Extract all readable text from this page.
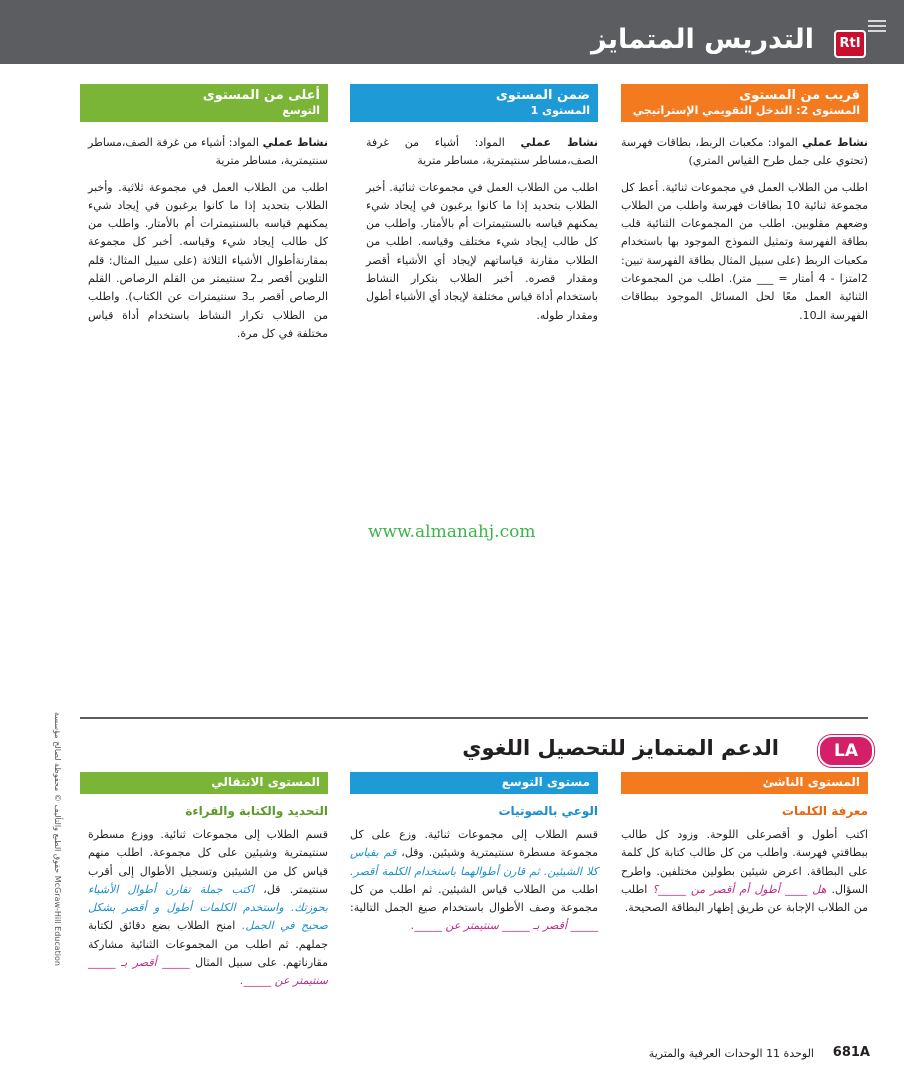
التدريس المتمايز	RtI
قريب من المستوى
المستوى 2: التدخل التقويمي الإستراتيجي

نشاط عملي المواد: مكعبات الربط، بطاقات فهرسة (تحتوي على جمل طرح القياس المتري)

اطلب من الطلاب العمل في مجموعات ثنائية. أعط كل مجموعة ثنائية 10 بطاقات فهرسة واطلب من الطلاب وضعهم مقلوبين. اطلب من المجموعات الثنائية قلب بطاقة الفهرسة وتمثيل النموذج الموجود بها باستخدام مكعبات الربط (على سبيل المثال بطاقة الفهرسة تبين: 2امتزا - 4 أمتار = ___ متر). اطلب من المجموعات الثنائية العمل معًا لحل المسائل الموجود ببطاقات الفهرسة الـ10.

ضمن المستوى
المستوى 1

نشاط عملي المواد: أشياء من غرفة الصف،مساطر سنتيمترية، مساطر مترية

اطلب من الطلاب العمل في مجموعات ثنائية. أخبر الطلاب بتحديد إذا ما كانوا يرغبون في إيجاد شيء يمكنهم قياسه بالسنتيمترات أم بالأمتار. واطلب من كل طالب إيجاد شيء مختلف وقياسه. اطلب من الطلاب مقارنة قياساتهم لإيجاد أي الأشياء أقصر ومقدار قصره. أخبر الطلاب بتكرار النشاط باستخدام أداة قياس مختلفة لإيجاد أي الأشياء أطول ومقدار طوله.

أعلى من المستوى
التوسع

نشاط عملي المواد: أشياء من غرفة الصف،مساطر سنتيمترية، مساطر مترية

اطلب من الطلاب العمل في مجموعة ثلاثية. وأخبر الطلاب بتحديد إذا ما كانوا يرغبون في إيجاد شيء يمكنهم قياسه بالسنتيمترات أم بالأمتار. واطلب من كل طالب إيجاد شيء وقياسه. أخبر كل مجموعة بمقارنةأطوال الأشياء الثلاثة (على سبيل المثال: قلم التلوين أقصر بـ2 سنتيمتر من القلم الرصاص. القلم الرصاص أقصر بـ3 سنتيمترات عن الكتاب). واطلب من الطلاب تكرار النشاط باستخدام أداة قياس مختلفة في كل مرة.

www.almanahj.com
حقوق الطبع والتأليف © محفوظة لصالح مؤسسة McGraw-Hill Education
الدعم المتمايز للتحصيل اللغوي	LA
المستوى الناشئ
معرفة الكلمات
اكتب أطول و أقصرعلى اللوحة. وزود كل طالب ببطاقتي فهرسة. واطلب من كل طالب كتابة كل كلمة على البطاقة. اعرض شيئين بطولين مختلفين. واطرح السؤال. هل ____ أطول أم أقصر من _____؟ اطلب من الطلاب الإجابة عن طريق إظهار البطاقة الصحيحة.
مستوى التوسع
الوعي بالصوتيات
قسم الطلاب إلى مجموعات ثنائية. وزع على كل مجموعة مسطرة سنتيمترية وشيئين. وقل، قم بقياس كلا الشيئين. ثم قارن أطوالهما باستخدام الكلمة أقصر. اطلب من الطلاب قياس الشيئين. ثم اطلب من كل مجموعة وصف الأطوال باستخدام صيغ الجمل التالية: _____ أقصر بـ _____ سنتيمتر عن _____.
المستوى الانتقالي
التحديد والكتابة والقراءة
قسم الطلاب إلى مجموعات ثنائية. ووزع مسطرة سنتيمترية وشيئين على كل مجموعة. اطلب منهم قياس كل من الشيئين وتسجيل الأطوال إلى أقرب سنتيمتر. قل، اكتب جملة تقارن أطوال الأشياء بحوزتك. واستخدم الكلمات أطول و أقصر بشكل صحيح في الجمل. امنح الطلاب بضع دقائق لكتابة جملهم. ثم اطلب من المجموعات الثنائية مشاركة مقارناتهم. على سبيل المثال _____ أقصر بـ _____ سنتيمتر عن _____.
681A
الوحدة 11 الوحدات العرفية والمترية
